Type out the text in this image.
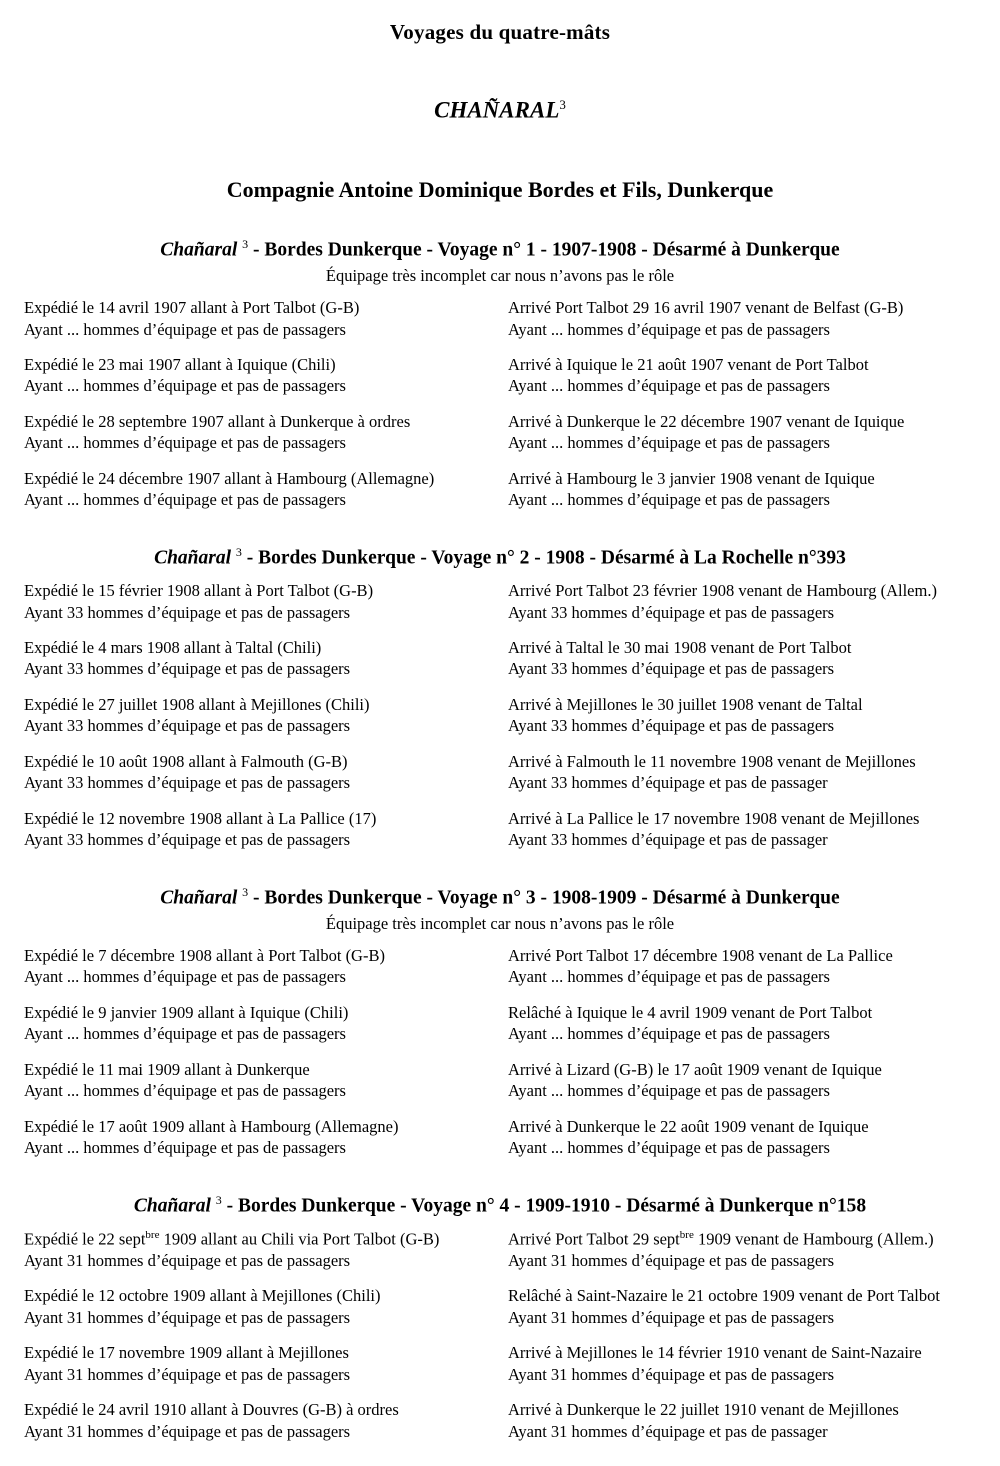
Voyages du quatre-mâts
CHAÑARAL$^3$
Compagnie Antoine Dominique Bordes et Fils, Dunkerque
Chañaral $^3$ - Bordes Dunkerque - Voyage n° 1 - 1907-1908 - Désarmé à Dunkerque
Équipage très incomplet car nous n’avons pas le rôle
Expédié le 14 avril 1907 allant à Port Talbot (G-B)
Ayant ... hommes d’équipage et pas de passagers
Arrivé Port Talbot 29 16 avril 1907 venant de Belfast (G-B)
Ayant ... hommes d’équipage et pas de passagers
Expédié le 23 mai 1907 allant à Iquique (Chili)
Ayant ... hommes d’équipage et pas de passagers
Arrivé à Iquique le 21 août 1907 venant de Port Talbot
Ayant ... hommes d’équipage et pas de passagers
Expédié le 28 septembre 1907 allant à Dunkerque à ordres
Ayant ... hommes d’équipage et pas de passagers
Arrivé à Dunkerque le 22 décembre 1907 venant de Iquique
Ayant ... hommes d’équipage et pas de passagers
Expédié le 24 décembre 1907 allant à Hambourg (Allemagne)
Ayant ... hommes d’équipage et pas de passagers
Arrivé à Hambourg le 3 janvier 1908 venant de Iquique
Ayant ... hommes d’équipage et pas de passagers
Chañaral $^3$ - Bordes Dunkerque - Voyage n° 2 - 1908 - Désarmé à La Rochelle n°393
Expédié le 15 février 1908 allant à Port Talbot (G-B)
Ayant 33 hommes d’équipage et pas de passagers
Arrivé Port Talbot 23 février 1908 venant de Hambourg (Allem.)
Ayant 33 hommes d’équipage et pas de passagers
Expédié le 4 mars 1908 allant à Taltal (Chili)
Ayant 33 hommes d’équipage et pas de passagers
Arrivé à Taltal le 30 mai 1908 venant de Port Talbot
Ayant 33 hommes d’équipage et pas de passagers
Expédié le 27 juillet 1908 allant à Mejillones (Chili)
Ayant 33 hommes d’équipage et pas de passagers
Arrivé à Mejillones le 30 juillet 1908 venant de Taltal
Ayant 33 hommes d’équipage et pas de passagers
Expédié le 10 août 1908 allant à Falmouth (G-B)
Ayant 33 hommes d’équipage et pas de passagers
Arrivé à Falmouth le 11 novembre 1908 venant de Mejillones
Ayant 33 hommes d’équipage et pas de passager
Expédié le 12 novembre 1908 allant à La Pallice (17)
Ayant 33 hommes d’équipage et pas de passagers
Arrivé à La Pallice le 17 novembre 1908 venant de Mejillones
Ayant 33 hommes d’équipage et pas de passager
Chañaral $^3$ - Bordes Dunkerque - Voyage n° 3 - 1908-1909 - Désarmé à Dunkerque
Équipage très incomplet car nous n’avons pas le rôle
Expédié le 7 décembre 1908 allant à Port Talbot (G-B)
Ayant ... hommes d’équipage et pas de passagers
Arrivé Port Talbot 17 décembre 1908 venant de La Pallice
Ayant ... hommes d’équipage et pas de passagers
Expédié le 9 janvier 1909 allant à Iquique (Chili)
Ayant ... hommes d’équipage et pas de passagers
Relâché à Iquique le 4 avril 1909 venant de Port Talbot
Ayant ... hommes d’équipage et pas de passagers
Expédié le 11 mai 1909 allant à Dunkerque
Ayant ... hommes d’équipage et pas de passagers
Arrivé à Lizard (G-B) le 17 août 1909 venant de Iquique
Ayant ... hommes d’équipage et pas de passagers
Expédié le 17 août 1909 allant à Hambourg (Allemagne)
Ayant ... hommes d’équipage et pas de passagers
Arrivé à Dunkerque le 22 août 1909 venant de Iquique
Ayant ... hommes d’équipage et pas de passagers
Chañaral $^3$ - Bordes Dunkerque - Voyage n° 4 - 1909-1910 - Désarmé à Dunkerque n°158
Expédié le 22 sept$^{bre}$ 1909 allant au Chili via Port Talbot (G-B)
Ayant 31 hommes d’équipage et pas de passagers
Arrivé Port Talbot 29 sept$^{bre}$ 1909 venant de Hambourg (Allem.)
Ayant 31 hommes d’équipage et pas de passagers
Expédié le 12 octobre 1909 allant à Mejillones (Chili)
Ayant 31 hommes d’équipage et pas de passagers
Relâché à Saint-Nazaire le 21 octobre 1909 venant de Port Talbot
Ayant 31 hommes d’équipage et pas de passagers
Expédié le 17 novembre 1909 allant à Mejillones
Ayant 31 hommes d’équipage et pas de passagers
Arrivé à Mejillones le 14 février 1910 venant de Saint-Nazaire
Ayant 31 hommes d’équipage et pas de passagers
Expédié le 24 avril 1910 allant à Douvres (G-B) à ordres
Ayant 31 hommes d’équipage et pas de passagers
Arrivé à Dunkerque le 22 juillet 1910 venant de Mejillones
Ayant 31 hommes d’équipage et pas de passager
